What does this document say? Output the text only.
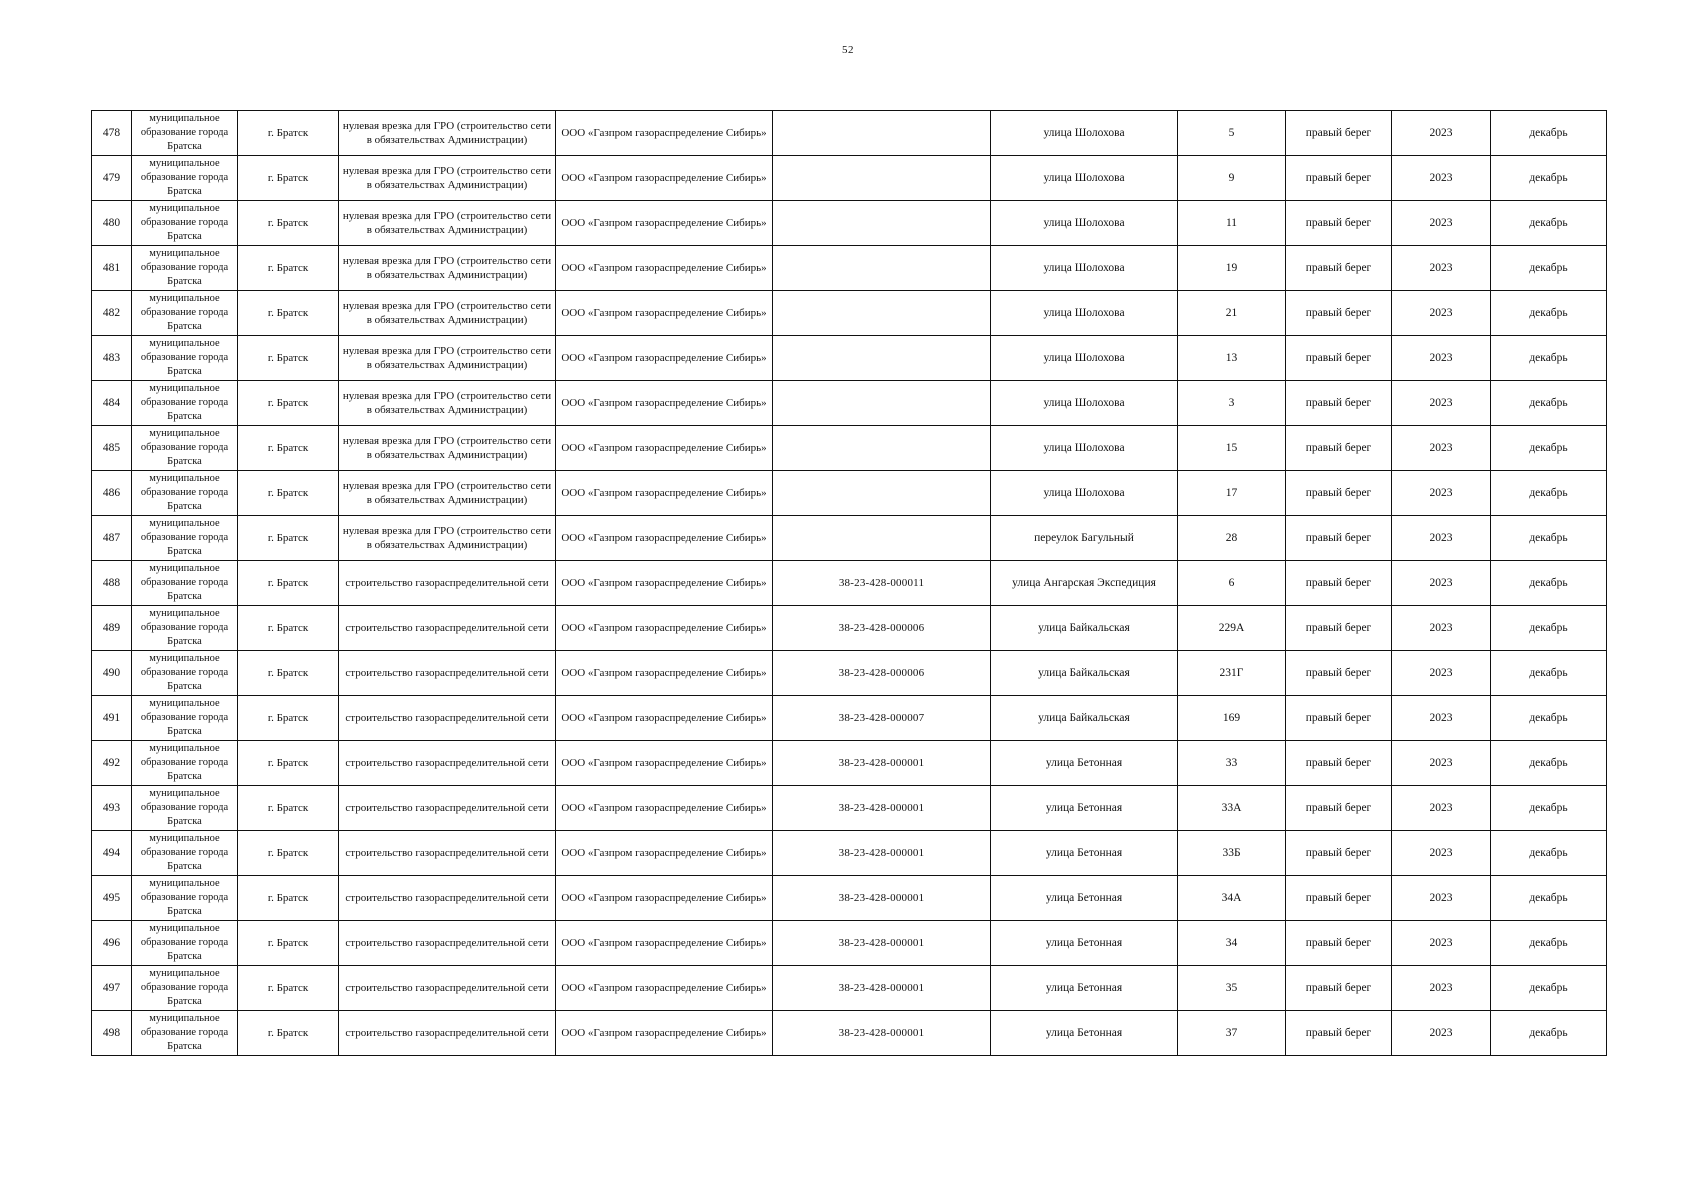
52
478	муниципальное образование города Братска	г. Братск	нулевая врезка для ГРО (строительство сети в обязательствах Администрации)	ООО «Газпром газораспределение Сибирь»		улица Шолохова	5	правый берег	2023	декабрь
479	муниципальное образование города Братска	г. Братск	нулевая врезка для ГРО (строительство сети в обязательствах Администрации)	ООО «Газпром газораспределение Сибирь»		улица Шолохова	9	правый берег	2023	декабрь
480	муниципальное образование города Братска	г. Братск	нулевая врезка для ГРО (строительство сети в обязательствах Администрации)	ООО «Газпром газораспределение Сибирь»		улица Шолохова	11	правый берег	2023	декабрь
481	муниципальное образование города Братска	г. Братск	нулевая врезка для ГРО (строительство сети в обязательствах Администрации)	ООО «Газпром газораспределение Сибирь»		улица Шолохова	19	правый берег	2023	декабрь
482	муниципальное образование города Братска	г. Братск	нулевая врезка для ГРО (строительство сети в обязательствах Администрации)	ООО «Газпром газораспределение Сибирь»		улица Шолохова	21	правый берег	2023	декабрь
483	муниципальное образование города Братска	г. Братск	нулевая врезка для ГРО (строительство сети в обязательствах Администрации)	ООО «Газпром газораспределение Сибирь»		улица Шолохова	13	правый берег	2023	декабрь
484	муниципальное образование города Братска	г. Братск	нулевая врезка для ГРО (строительство сети в обязательствах Администрации)	ООО «Газпром газораспределение Сибирь»		улица Шолохова	3	правый берег	2023	декабрь
485	муниципальное образование города Братска	г. Братск	нулевая врезка для ГРО (строительство сети в обязательствах Администрации)	ООО «Газпром газораспределение Сибирь»		улица Шолохова	15	правый берег	2023	декабрь
486	муниципальное образование города Братска	г. Братск	нулевая врезка для ГРО (строительство сети в обязательствах Администрации)	ООО «Газпром газораспределение Сибирь»		улица Шолохова	17	правый берег	2023	декабрь
487	муниципальное образование города Братска	г. Братск	нулевая врезка для ГРО (строительство сети в обязательствах Администрации)	ООО «Газпром газораспределение Сибирь»		переулок Багульный	28	правый берег	2023	декабрь
488	муниципальное образование города Братска	г. Братск	строительство газораспределительной сети	ООО «Газпром газораспределение Сибирь»	38-23-428-000011	улица Ангарская Экспедиция	6	правый берег	2023	декабрь
489	муниципальное образование города Братска	г. Братск	строительство газораспределительной сети	ООО «Газпром газораспределение Сибирь»	38-23-428-000006	улица Байкальская	229А	правый берег	2023	декабрь
490	муниципальное образование города Братска	г. Братск	строительство газораспределительной сети	ООО «Газпром газораспределение Сибирь»	38-23-428-000006	улица Байкальская	231Г	правый берег	2023	декабрь
491	муниципальное образование города Братска	г. Братск	строительство газораспределительной сети	ООО «Газпром газораспределение Сибирь»	38-23-428-000007	улица Байкальская	169	правый берег	2023	декабрь
492	муниципальное образование города Братска	г. Братск	строительство газораспределительной сети	ООО «Газпром газораспределение Сибирь»	38-23-428-000001	улица Бетонная	33	правый берег	2023	декабрь
493	муниципальное образование города Братска	г. Братск	строительство газораспределительной сети	ООО «Газпром газораспределение Сибирь»	38-23-428-000001	улица Бетонная	33А	правый берег	2023	декабрь
494	муниципальное образование города Братска	г. Братск	строительство газораспределительной сети	ООО «Газпром газораспределение Сибирь»	38-23-428-000001	улица Бетонная	33Б	правый берег	2023	декабрь
495	муниципальное образование города Братска	г. Братск	строительство газораспределительной сети	ООО «Газпром газораспределение Сибирь»	38-23-428-000001	улица Бетонная	34А	правый берег	2023	декабрь
496	муниципальное образование города Братска	г. Братск	строительство газораспределительной сети	ООО «Газпром газораспределение Сибирь»	38-23-428-000001	улица Бетонная	34	правый берег	2023	декабрь
497	муниципальное образование города Братска	г. Братск	строительство газораспределительной сети	ООО «Газпром газораспределение Сибирь»	38-23-428-000001	улица Бетонная	35	правый берег	2023	декабрь
498	муниципальное образование города Братска	г. Братск	строительство газораспределительной сети	ООО «Газпром газораспределение Сибирь»	38-23-428-000001	улица Бетонная	37	правый берег	2023	декабрь
